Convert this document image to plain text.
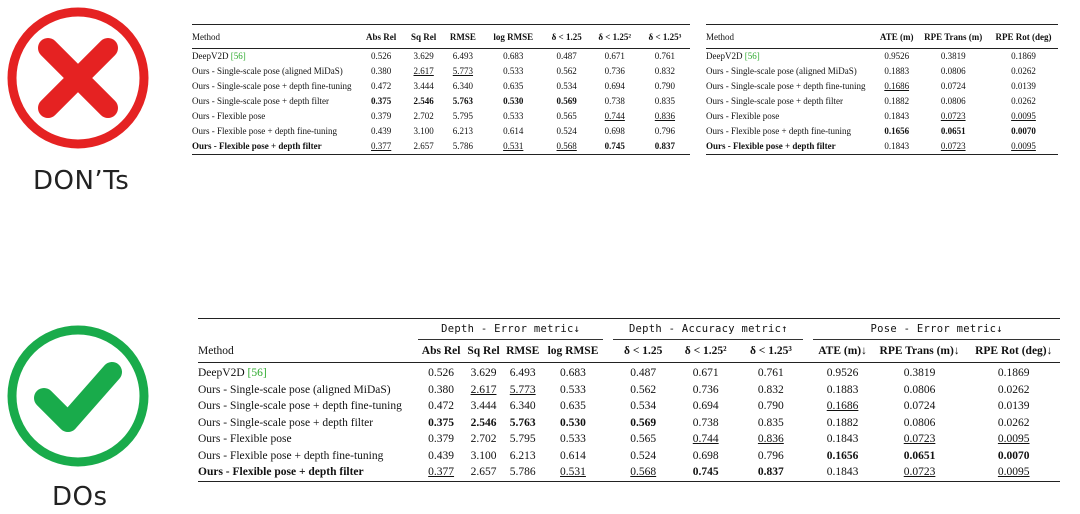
DON’Ts
DOs
Method	Abs Rel	Sq Rel	RMSE	log RMSE	δ < 1.25	δ < 1.25²	δ < 1.25³
DeepV2D [56]	0.526	3.629	6.493	0.683	0.487	0.671	0.761
Ours - Single-scale pose (aligned MiDaS)	0.380	2.617	5.773	0.533	0.562	0.736	0.832
Ours - Single-scale pose + depth fine-tuning	0.472	3.444	6.340	0.635	0.534	0.694	0.790
Ours - Single-scale pose + depth filter	0.375	2.546	5.763	0.530	0.569	0.738	0.835
Ours - Flexible pose	0.379	2.702	5.795	0.533	0.565	0.744	0.836
Ours - Flexible pose + depth fine-tuning	0.439	3.100	6.213	0.614	0.524	0.698	0.796
Ours - Flexible pose + depth filter	0.377	2.657	5.786	0.531	0.568	0.745	0.837
Method	ATE (m)	RPE Trans (m)	RPE Rot (deg)
DeepV2D [56]	0.9526	0.3819	0.1869
Ours - Single-scale pose (aligned MiDaS)	0.1883	0.0806	0.0262
Ours - Single-scale pose + depth fine-tuning	0.1686	0.0724	0.0139
Ours - Single-scale pose + depth filter	0.1882	0.0806	0.0262
Ours - Flexible pose	0.1843	0.0723	0.0095
Ours - Flexible pose + depth fine-tuning	0.1656	0.0651	0.0070
Ours - Flexible pose + depth filter	0.1843	0.0723	0.0095
		Depth - Error metric↓					Depth - Accuracy metric↑				Pose - Error metric↓		
Method		Abs Rel	Sq Rel	RMSE	log RMSE		δ < 1.25	δ < 1.25²	δ < 1.25³		ATE (m)↓	RPE Trans (m)↓	RPE Rot (deg)↓
DeepV2D [56]		0.526	3.629	6.493	0.683		0.487	0.671	0.761		0.9526	0.3819	0.1869
Ours - Single-scale pose (aligned MiDaS)		0.380	2.617	5.773	0.533		0.562	0.736	0.832		0.1883	0.0806	0.0262
Ours - Single-scale pose + depth fine-tuning		0.472	3.444	6.340	0.635		0.534	0.694	0.790		0.1686	0.0724	0.0139
Ours - Single-scale pose + depth filter		0.375	2.546	5.763	0.530		0.569	0.738	0.835		0.1882	0.0806	0.0262
Ours - Flexible pose		0.379	2.702	5.795	0.533		0.565	0.744	0.836		0.1843	0.0723	0.0095
Ours - Flexible pose + depth fine-tuning		0.439	3.100	6.213	0.614		0.524	0.698	0.796		0.1656	0.0651	0.0070
Ours - Flexible pose + depth filter		0.377	2.657	5.786	0.531		0.568	0.745	0.837		0.1843	0.0723	0.0095
